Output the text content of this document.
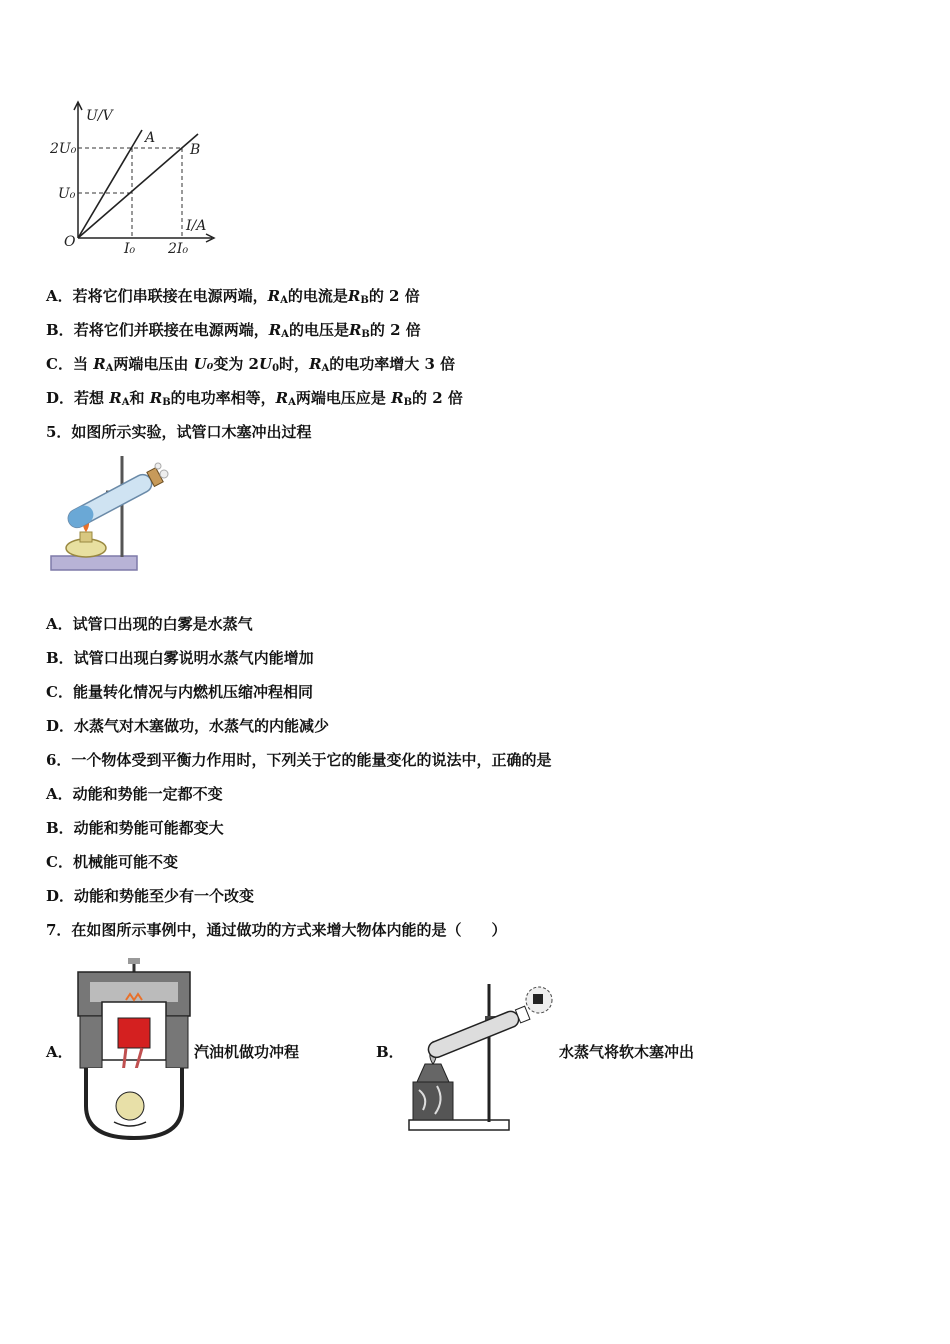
U/V
I/A
O
2U₀
U₀
I₀ 2I₀
A
B
A．若将它们串联接在电源两端，$R_A$的电流是$R_B$的 2 倍
B．若将它们并联接在电源两端，$R_A$的电压是$R_B$的 2 倍
C．当 $R_A$两端电压由 U₀变为 $2U_0$时，$R_A$的电功率增大 3 倍
D．若想 $R_A$和 $R_B$的电功率相等，$R_A$两端电压应是 $R_B$的 2 倍
5．如图所示实验，试管口木塞冲出过程
A．试管口出现的白雾是水蒸气
B．试管口出现白雾说明水蒸气内能增加
C．能量转化情况与内燃机压缩冲程相同
D．水蒸气对木塞做功，水蒸气的内能减少
6．一个物体受到平衡力作用时，下列关于它的能量变化的说法中，正确的是
A．动能和势能一定都不变
B．动能和势能可能都变大
C．机械能可能不变
D．动能和势能至少有一个改变
7．在如图所示事例中，通过做功的方式来增大物体内能的是（　　）
A．	汽油机做功冲程	B．	水蒸气将软木塞冲出
